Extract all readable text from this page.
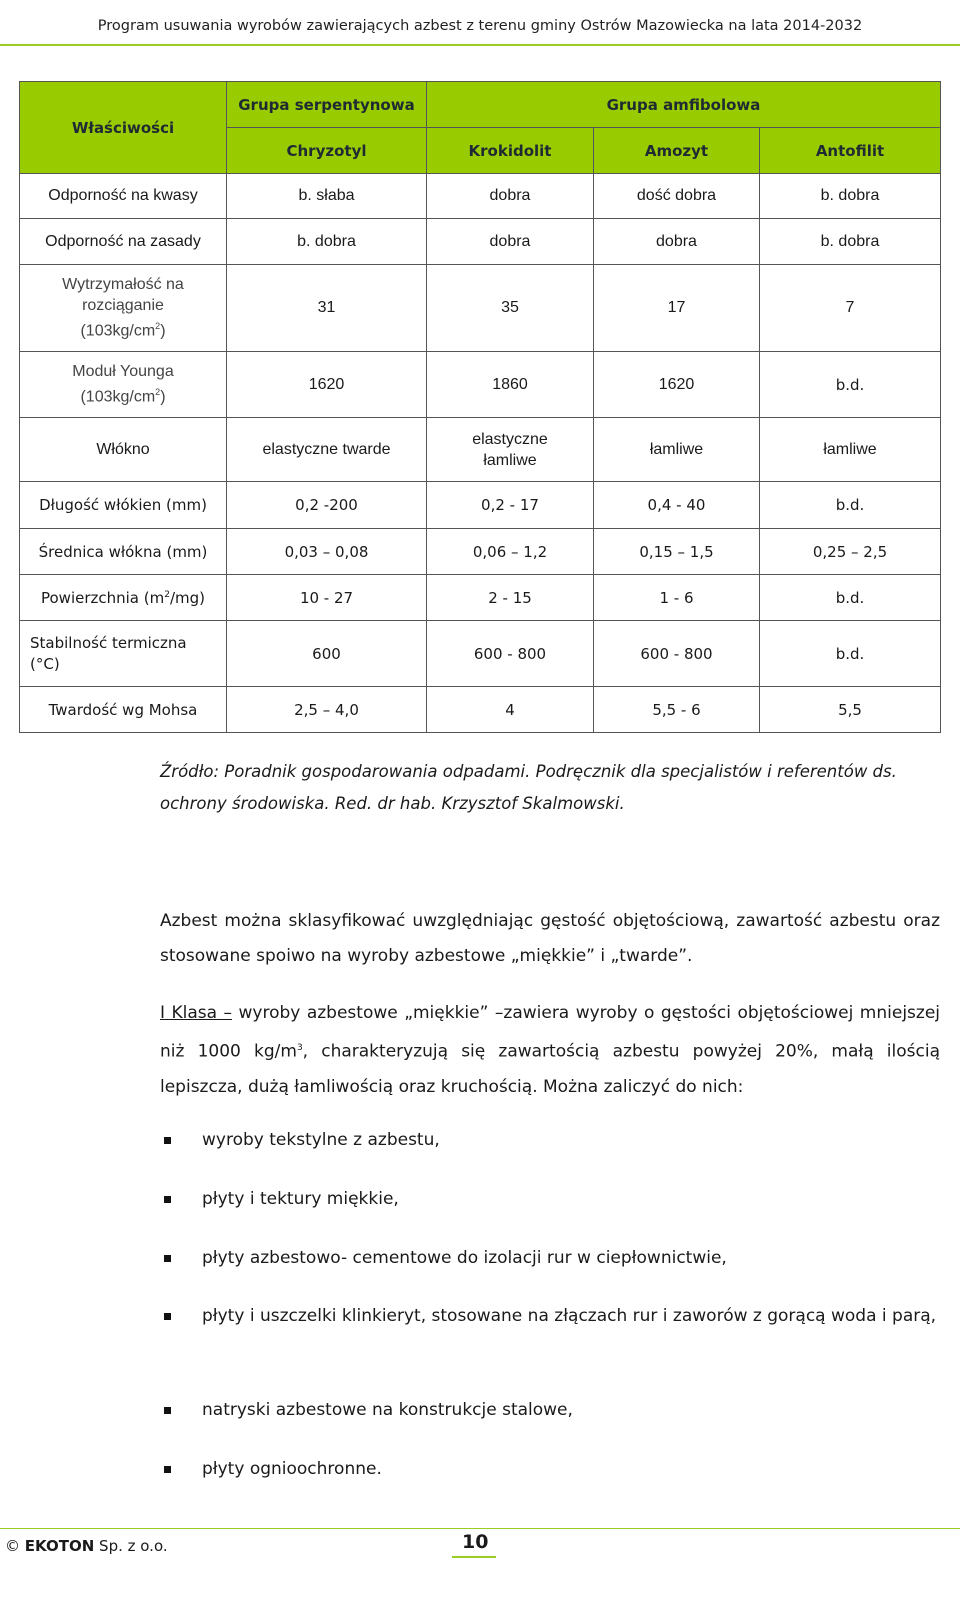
Program usuwania wyrobów zawierających azbest z terenu gminy Ostrów Mazowiecka na lata 2014-2032
Właściwości	Grupa serpentynowa	Grupa amfibolowa		
	Chryzotyl	Krokidolit	Amozyt	Antofilit
Odporność na kwasy	b. słaba	dobra	dość dobra	b. dobra
Odporność na zasady	b. dobra	dobra	dobra	b. dobra
Wytrzymałość na
rozciąganie
$(103kg/cm^2)$	31	35	17	7
Moduł Younga
$(103kg/cm^2)$	1620	1860	1620	b.d.
Włókno	elastyczne twarde	elastyczne łamliwe	łamliwe	łamliwe
Długość włókien (mm)	0,2 -200	0,2 - 17	0,4 - 40	b.d.
Średnica włókna (mm)	0,03 – 0,08	0,06 – 1,2	0,15 – 1,5	0,25 – 2,5
Powierzchnia $(m^2/mg)$	10 - 27	2 - 15	1 - 6	b.d.
Stabilność termiczna
(°C)	600	600 - 800	600 - 800	b.d.
Twardość wg Mohsa	2,5 – 4,0	4	5,5 - 6	5,5
Źródło: Poradnik gospodarowania odpadami. Podręcznik dla specjalistów i referentów ds. ochrony środowiska. Red. dr hab. Krzysztof Skalmowski.
Azbest można sklasyfikować uwzględniając gęstość objętościową, zawartość azbestu oraz stosowane spoiwo na wyroby azbestowe „miękkie” i „twarde”.
I Klasa – wyroby azbestowe „miękkie” –zawiera wyroby o gęstości objętościowej mniejszej niż 1000 $kg/m^3$, charakteryzują się zawartością azbestu powyżej 20%, małą ilością lepiszcza, dużą łamliwością oraz kruchością. Można zaliczyć do nich:
wyroby tekstylne z azbestu,
płyty i tektury miękkie,
płyty azbestowo- cementowe do izolacji rur w ciepłownictwie,
płyty i uszczelki klinkieryt, stosowane na złączach rur i zaworów z gorącą woda i parą,
natryski azbestowe na konstrukcje stalowe,
płyty ognioochronne.
© EKOTON Sp. z o.o.	10
